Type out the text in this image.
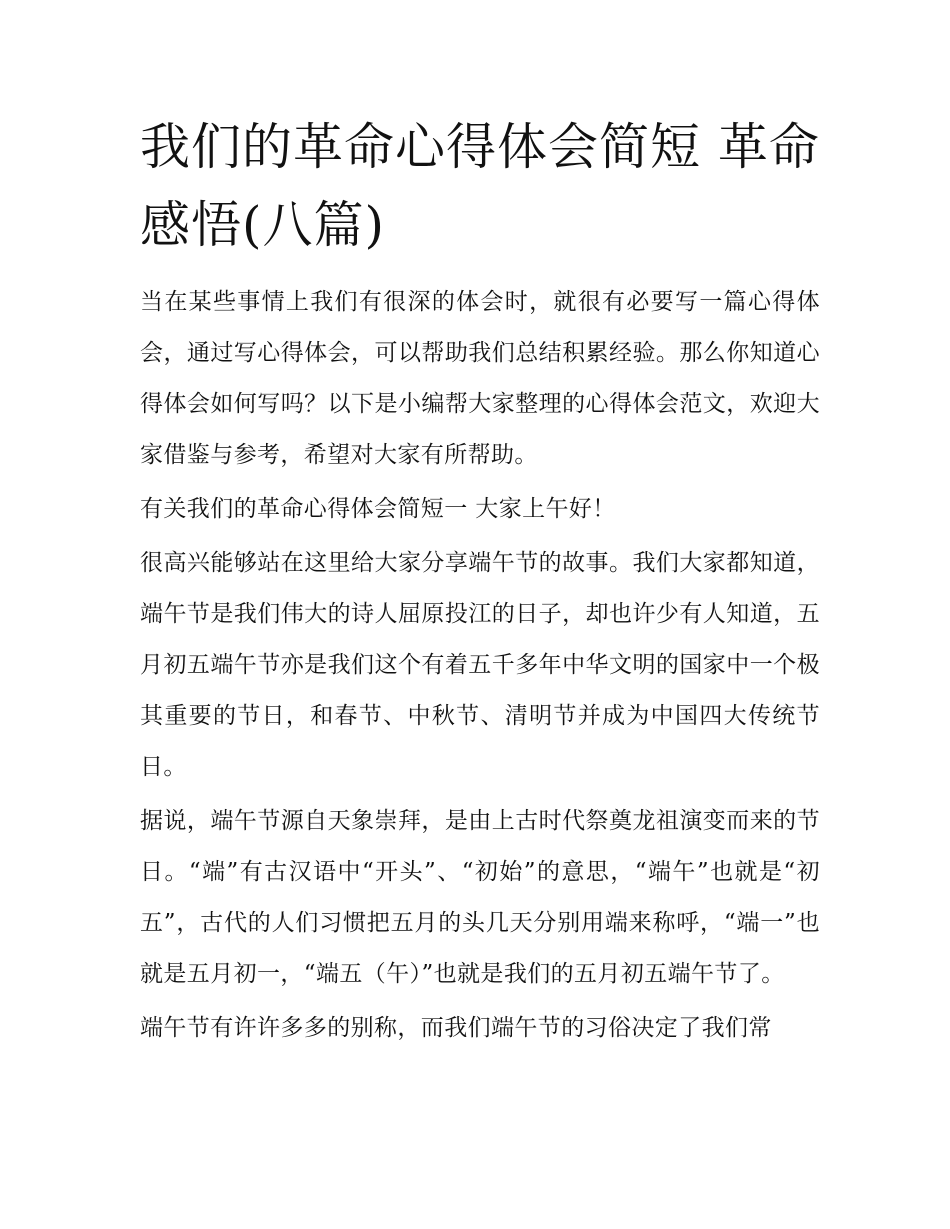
我们的革命心得体会简短 革命感悟(八篇)

当在某些事情上我们有很深的体会时，就很有必要写一篇心得体会，通过写心得体会，可以帮助我们总结积累经验。那么你知道心得体会如何写吗？以下是小编帮大家整理的心得体会范文，欢迎大家借鉴与参考，希望对大家有所帮助。

有关我们的革命心得体会简短一 大家上午好！

很高兴能够站在这里给大家分享端午节的故事。我们大家都知道，端午节是我们伟大的诗人屈原投江的日子，却也许少有人知道，五月初五端午节亦是我们这个有着五千多年中华文明的国家中一个极其重要的节日，和春节、中秋节、清明节并成为中国四大传统节日。

据说，端午节源自天象崇拜，是由上古时代祭奠龙祖演变而来的节日。“端”有古汉语中“开头”、“初始”的意思，“端午”也就是“初五”，古代的人们习惯把五月的头几天分别用端来称呼，“端一”也就是五月初一，“端五（午）”也就是我们的五月初五端午节了。

端午节有许许多多的别称，而我们端午节的习俗决定了我们常
